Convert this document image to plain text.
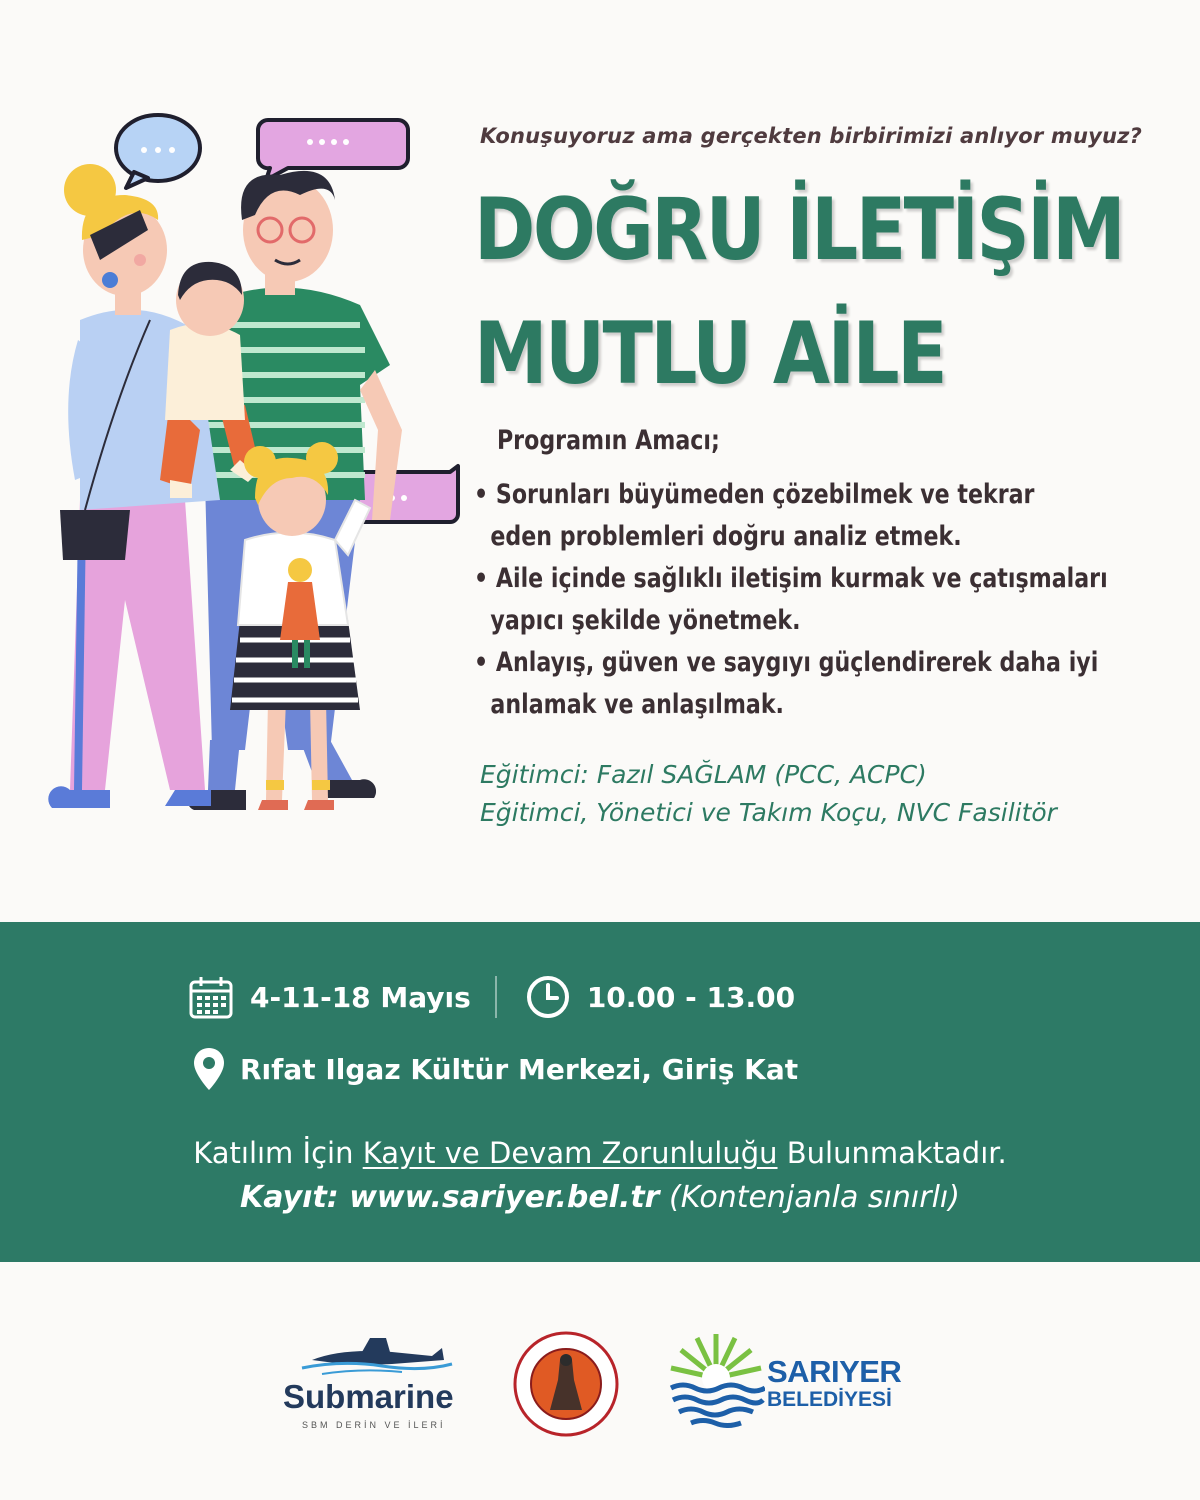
Konuşuyoruz ama gerçekten birbirimizi anlıyor muyuz?
DOĞRU İLETİŞİM
MUTLU AİLE
Programın Amacı;
• Sorunları büyümeden çözebilmek ve tekrar
eden problemleri doğru analiz etmek.
• Aile içinde sağlıklı iletişim kurmak ve çatışmaları
yapıcı şekilde yönetmek.
• Anlayış, güven ve saygıyı güçlendirerek daha iyi
anlamak ve anlaşılmak.
Eğitimci: Fazıl SAĞLAM (PCC, ACPC)
Eğitimci, Yönetici ve Takım Koçu, NVC Fasilitör
4-11-18 Mayıs	10.00 - 13.00
Rıfat Ilgaz Kültür Merkezi, Giriş Kat
Katılım İçin Kayıt ve Devam Zorunluluğu Bulunmaktadır.
Kayıt: www.sariyer.bel.tr (Kontenjanla sınırlı)
Submarine
SBM DERİN VE İLERİ
SARIYER
BELEDİYESİ
